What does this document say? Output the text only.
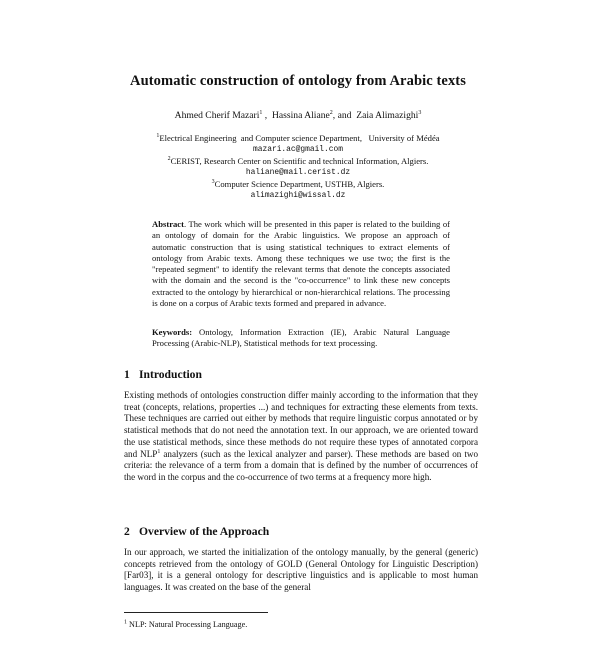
Automatic construction of ontology from Arabic texts
Ahmed Cherif Mazari$^1$ ,  Hassina Aliane$^2$, and  Zaia Alimazighi$^3$
$^1$Electrical Engineering  and Computer science Department,   University of Médéa
mazari.ac@gmail.com
$^2$CERIST, Research Center on Scientific and technical Information, Algiers.
haliane@mail.cerist.dz
$^3$Computer Science Department, USTHB, Algiers.
alimazighi@wissal.dz
Abstract. The work which will be presented in this paper is related to the building of an ontology of domain for the Arabic linguistics. We propose an approach of automatic construction that is using statistical techniques to extract elements of ontology from Arabic texts. Among these techniques we use two; the first is the "repeated segment" to identify the relevant terms that denote the concepts associated with the domain and the second is the "co-occurrence" to link these new concepts extracted to the ontology by hierarchical or non-hierarchical relations. The processing is done on a corpus of Arabic texts formed and prepared in advance.
Keywords: Ontology, Information Extraction (IE), Arabic Natural Language Processing (Arabic-NLP), Statistical methods for text processing.
1 Introduction
Existing methods of ontologies construction differ mainly according to the information that they treat (concepts, relations, properties ...) and techniques for extracting these elements from texts. These techniques are carried out either by methods that require linguistic corpus annotated or by statistical methods that do not need the annotation text. In our approach, we are oriented toward the use statistical methods, since these methods do not require these types of annotated corpora and NLP$^1$ analyzers (such as the lexical analyzer and parser). These methods are based on two criteria: the relevance of a term from a domain that is defined by the number of occurrences of the word in the corpus and the co-occurrence of two terms at a frequency more high.
2 Overview of the Approach
In our approach, we started the initialization of the ontology manually, by the general (generic) concepts retrieved from the ontology of GOLD (General Ontology for Linguistic Description) [Far03], it is a general ontology for descriptive linguistics and is applicable to most human languages. It was created on the base of the general
$^1$ NLP: Natural Processing Language.
